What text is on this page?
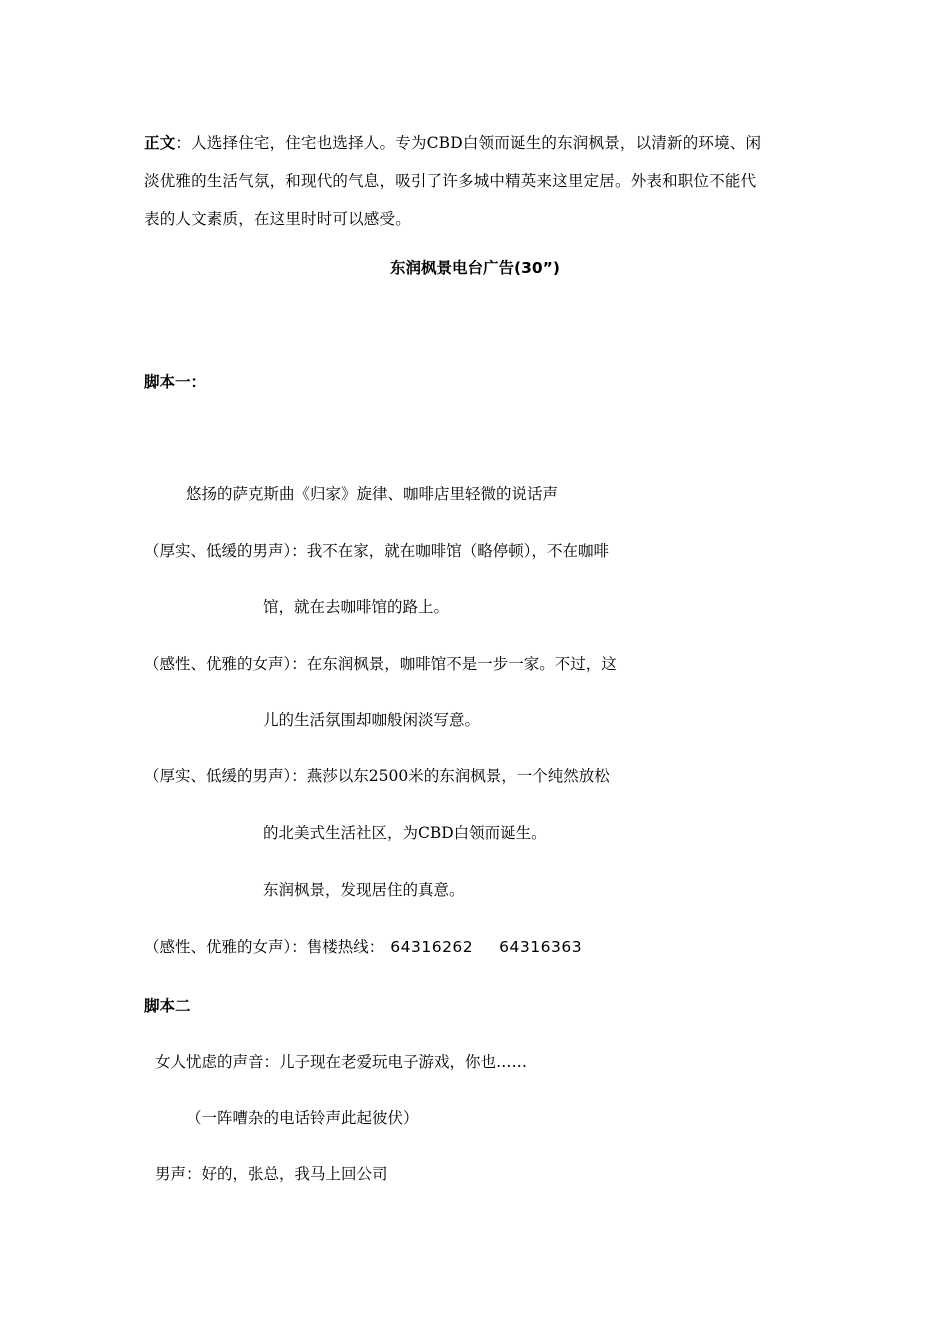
正文：人选择住宅，住宅也选择人。专为CBD白领而诞生的东润枫景，以清新的环境、闲
淡优雅的生活气氛，和现代的气息，吸引了许多城中精英来这里定居。外表和职位不能代
表的人文素质，在这里时时可以感受。
东润枫景电台广告(30”)
脚本一：
悠扬的萨克斯曲《归家》旋律、咖啡店里轻微的说话声
（厚实、低缓的男声）：我不在家，就在咖啡馆（略停顿），不在咖啡
馆，就在去咖啡馆的路上。
（感性、优雅的女声）：在东润枫景，咖啡馆不是一步一家。不过，这
儿的生活氛围却咖般闲淡写意。
（厚实、低缓的男声）：燕莎以东2500米的东润枫景，一个纯然放松
的北美式生活社区，为CBD白领而诞生。
东润枫景，发现居住的真意。
（感性、优雅的女声）：售楼热线： 64316262 64316363
脚本二
女人忧虑的声音：儿子现在老爱玩电子游戏，你也……
（一阵嘈杂的电话铃声此起彼伏）
男声：好的，张总，我马上回公司
